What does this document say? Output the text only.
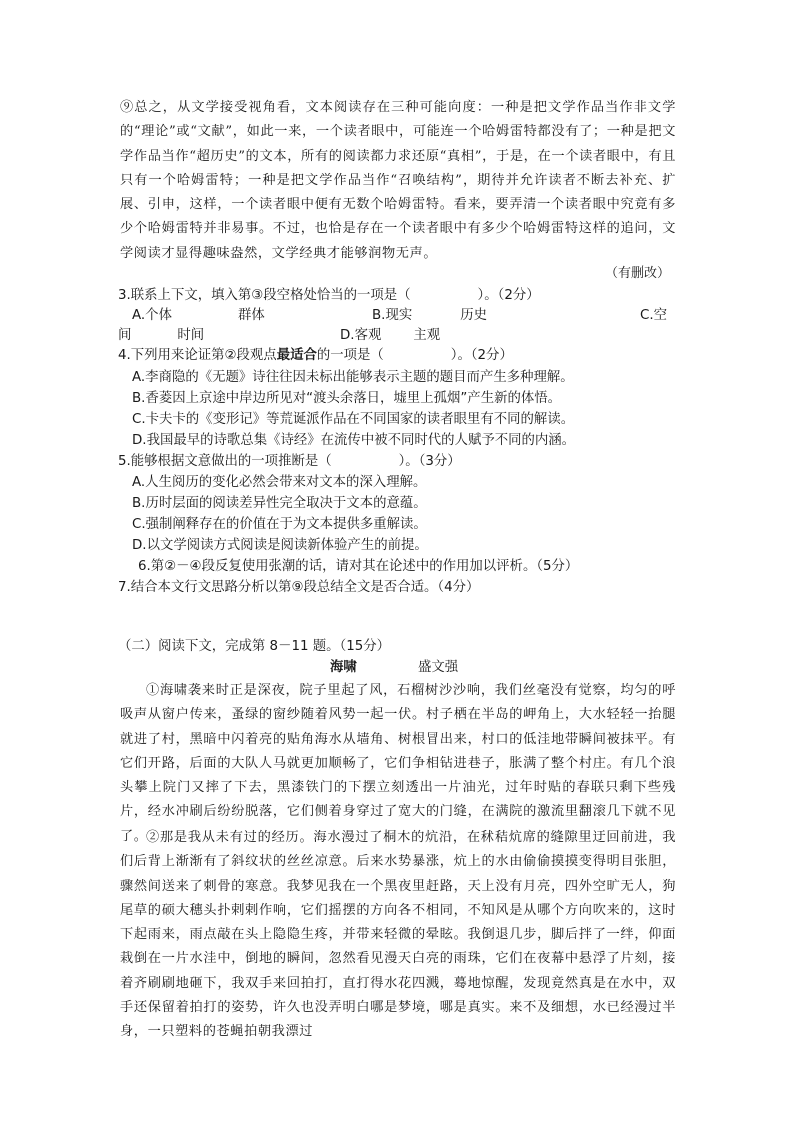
⑨总之，从文学接受视角看，文本阅读存在三种可能向度：一种是把文学作品当作非文学的“理论”或“文献”，如此一来，一个读者眼中，可能连一个哈姆雷特都没有了；一种是把文学作品当作“超历史”的文本，所有的阅读都力求还原“真相”，于是，在一个读者眼中，有且只有一个哈姆雷特；一种是把文学作品当作“召唤结构”，期待并允许读者不断去补充、扩展、引申，这样，一个读者眼中便有无数个哈姆雷特。看来，要弄清一个读者眼中究竟有多少个哈姆雷特并非易事。不过，也恰是存在一个读者眼中有多少个哈姆雷特这样的追问，文学阅读才显得趣味盎然，文学经典才能够润物无声。

（有删改）
3.联系上下文，填入第③段空格处恰当的一项是（　　　　　）。（2分）
A.个体	群体	B.现实	历史	C.空
间	时间	D.客观 主观
4.下列用来论证第②段观点最适合的一项是（　　　　　）。（2分）
A.李商隐的《无题》诗往往因未标出能够表示主题的题目而产生多种理解。
B.香菱因上京途中岸边所见对“渡头余落日，墟里上孤烟”产生新的体悟。
C.卡夫卡的《变形记》等荒诞派作品在不同国家的读者眼里有不同的解读。
D.我国最早的诗歌总集《诗经》在流传中被不同时代的人赋予不同的内涵。
5.能够根据文意做出的一项推断是（　　　　　）。（3分）
A.人生阅历的变化必然会带来对文本的深入理解。
B.历时层面的阅读差异性完全取决于文本的意蕴。
C.强制阐释存在的价值在于为文本提供多重解读。
D.以文学阅读方式阅读是阅读新体验产生的前提。
6.第②－④段反复使用张潮的话，请对其在论述中的作用加以评析。（5分）
7.结合本文行文思路分析以第⑨段总结全文是否合适。（4分）
（二）阅读下文，完成第 8－11 题。（15分）
海啸	盛文强

①海啸袭来时正是深夜，院子里起了风，石榴树沙沙响，我们丝毫没有觉察，均匀的呼吸声从窗户传来，蚤绿的窗纱随着风势一起一伏。村子栖在半岛的岬角上，大水轻轻一抬腿就进了村，黑暗中闪着亮的贴角海水从墙角、树根冒出来，村口的低洼地带瞬间被抹平。有它们开路，后面的大队人马就更加顺畅了，它们争相钻进巷子，胀满了整个村庄。有几个浪头攀上院门又摔了下去，黑漆铁门的下摆立刻透出一片油光，过年时贴的春联只剩下些残片，经水冲刷后纷纷脱落，它们侧着身穿过了宽大的门缝，在满院的激流里翻滚几下就不见了。

②那是我从未有过的经历。海水漫过了桐木的炕沿，在秫秸炕席的缝隙里迂回前进，我们后背上渐渐有了斜纹状的丝丝凉意。后来水势暴涨，炕上的水由偷偷摸摸变得明目张胆，骤然间送来了刺骨的寒意。我梦见我在一个黑夜里赶路，天上没有月亮，四外空旷无人，狗尾草的硕大穗头扑剌剌作响，它们摇摆的方向各不相同，不知风是从哪个方向吹来的，这时下起雨来，雨点敲在头上隐隐生疼，并带来轻微的晕眩。我倒退几步，脚后拌了一绊，仰面栽倒在一片水洼中，倒地的瞬间，忽然看见漫天白亮的雨珠，它们在夜幕中悬浮了片刻，接着齐刷刷地砸下，我双手来回拍打，直打得水花四溅，蓦地惊醒，发现竟然真是在水中，双手还保留着拍打的姿势，许久也没弄明白哪是梦境，哪是真实。来不及细想，水已经漫过半身，一只塑料的苍蝇拍朝我漂过
